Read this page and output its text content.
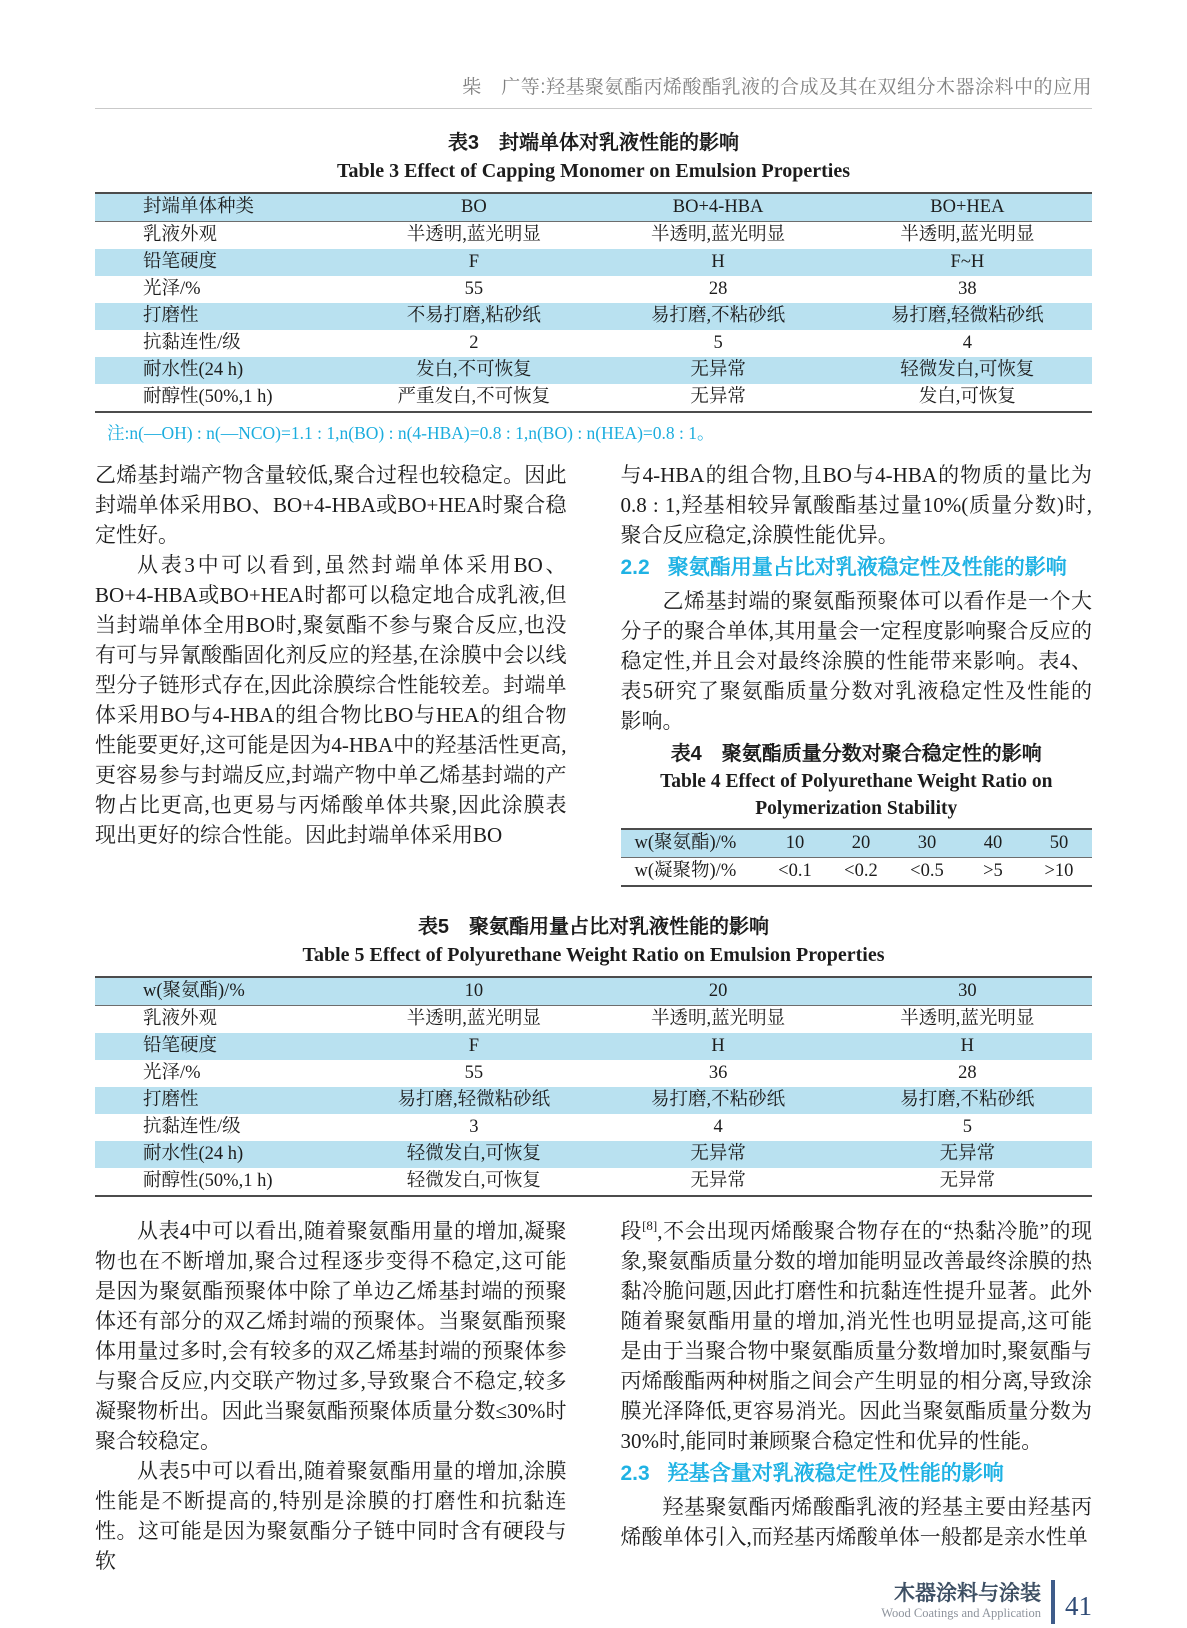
柴　广等:羟基聚氨酯丙烯酸酯乳液的合成及其在双组分木器涂料中的应用
表3　封端单体对乳液性能的影响
Table 3 Effect of Capping Monomer on Emulsion Properties
封端单体种类	BO	BO+4-HBA	BO+HEA
乳液外观	半透明,蓝光明显	半透明,蓝光明显	半透明,蓝光明显
铅笔硬度	F	H	F~H
光泽/%	55	28	38
打磨性	不易打磨,粘砂纸	易打磨,不粘砂纸	易打磨,轻微粘砂纸
抗黏连性/级	2	5	4
耐水性(24 h)	发白,不可恢复	无异常	轻微发白,可恢复
耐醇性(50%,1 h)	严重发白,不可恢复	无异常	发白,可恢复
注:n(—OH) : n(—NCO)=1.1 : 1,n(BO) : n(4-HBA)=0.8 : 1,n(BO) : n(HEA)=0.8 : 1。

乙烯基封端产物含量较低,聚合过程也较稳定。因此封端单体采用BO、BO+4-HBA或BO+HEA时聚合稳定性好。

从表3中可以看到,虽然封端单体采用BO、BO+4-HBA或BO+HEA时都可以稳定地合成乳液,但当封端单体全用BO时,聚氨酯不参与聚合反应,也没有可与异氰酸酯固化剂反应的羟基,在涂膜中会以线型分子链形式存在,因此涂膜综合性能较差。封端单体采用BO与4-HBA的组合物比BO与HEA的组合物性能要更好,这可能是因为4-HBA中的羟基活性更高,更容易参与封端反应,封端产物中单乙烯基封端的产物占比更高,也更易与丙烯酸单体共聚,因此涂膜表现出更好的综合性能。因此封端单体采用BO

与4-HBA的组合物,且BO与4-HBA的物质的量比为0.8 : 1,羟基相较异氰酸酯基过量10%(质量分数)时,聚合反应稳定,涂膜性能优异。

2.2 聚氨酯用量占比对乳液稳定性及性能的影响

乙烯基封端的聚氨酯预聚体可以看作是一个大分子的聚合单体,其用量会一定程度影响聚合反应的稳定性,并且会对最终涂膜的性能带来影响。表4、表5研究了聚氨酯质量分数对乳液稳定性及性能的影响。

表4　聚氨酯质量分数对聚合稳定性的影响
Table 4 Effect of Polyurethane Weight Ratio on
Polymerization Stability
w(聚氨酯)/%	10	20	30	40	50
w(凝聚物)/%	<0.1	<0.2	<0.5	>5	>10
表5　聚氨酯用量占比对乳液性能的影响
Table 5 Effect of Polyurethane Weight Ratio on Emulsion Properties
w(聚氨酯)/%	10	20	30
乳液外观	半透明,蓝光明显	半透明,蓝光明显	半透明,蓝光明显
铅笔硬度	F	H	H
光泽/%	55	36	28
打磨性	易打磨,轻微粘砂纸	易打磨,不粘砂纸	易打磨,不粘砂纸
抗黏连性/级	3	4	5
耐水性(24 h)	轻微发白,可恢复	无异常	无异常
耐醇性(50%,1 h)	轻微发白,可恢复	无异常	无异常

从表4中可以看出,随着聚氨酯用量的增加,凝聚物也在不断增加,聚合过程逐步变得不稳定,这可能是因为聚氨酯预聚体中除了单边乙烯基封端的预聚体还有部分的双乙烯封端的预聚体。当聚氨酯预聚体用量过多时,会有较多的双乙烯基封端的预聚体参与聚合反应,内交联产物过多,导致聚合不稳定,较多凝聚物析出。因此当聚氨酯预聚体质量分数≤30%时聚合较稳定。

从表5中可以看出,随着聚氨酯用量的增加,涂膜性能是不断提高的,特别是涂膜的打磨性和抗黏连性。这可能是因为聚氨酯分子链中同时含有硬段与软

段[8],不会出现丙烯酸聚合物存在的“热黏冷脆”的现象,聚氨酯质量分数的增加能明显改善最终涂膜的热黏冷脆问题,因此打磨性和抗黏连性提升显著。此外随着聚氨酯用量的增加,消光性也明显提高,这可能是由于当聚合物中聚氨酯质量分数增加时,聚氨酯与丙烯酸酯两种树脂之间会产生明显的相分离,导致涂膜光泽降低,更容易消光。因此当聚氨酯质量分数为30%时,能同时兼顾聚合稳定性和优异的性能。

2.3 羟基含量对乳液稳定性及性能的影响

羟基聚氨酯丙烯酸酯乳液的羟基主要由羟基丙烯酸单体引入,而羟基丙烯酸单体一般都是亲水性单

木器涂料与涂装
Wood Coatings and Application 41
